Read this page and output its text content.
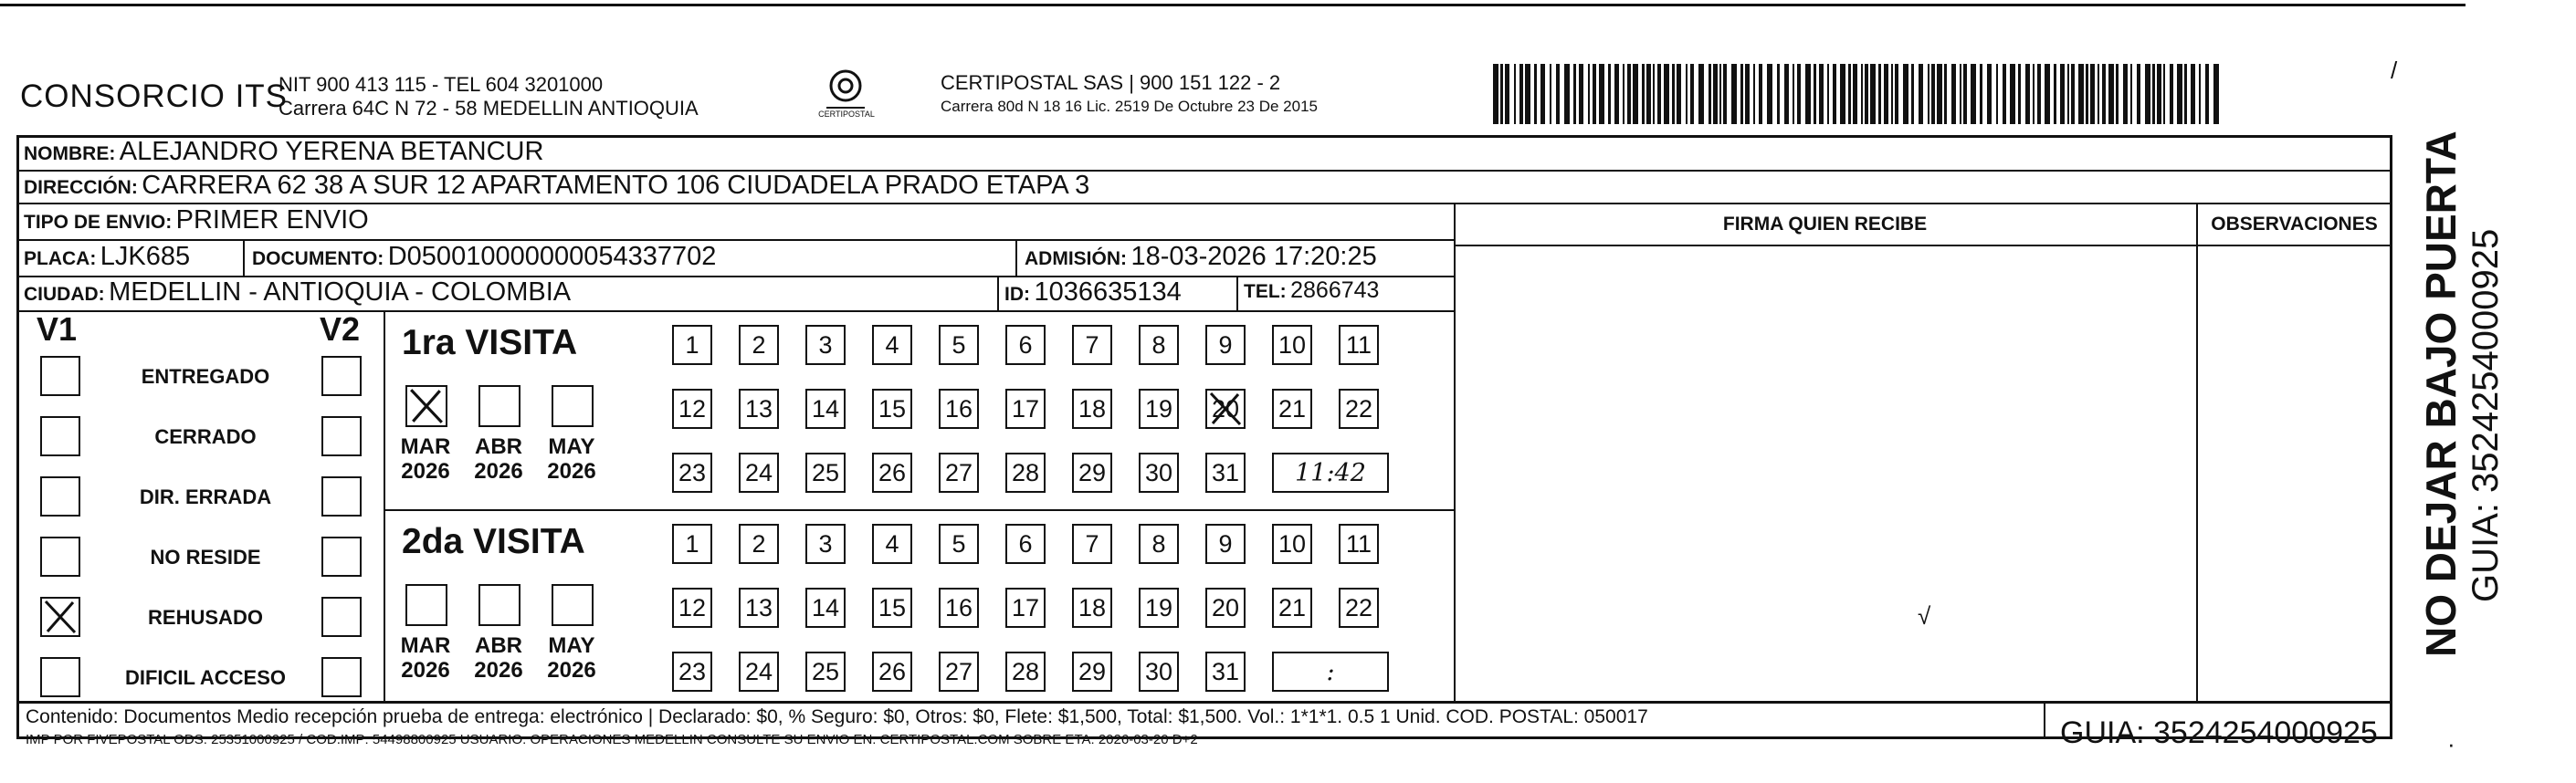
CONSORCIO ITS
NIT 900 413 115 - TEL 604 3201000
Carrera 64C N 72 - 58 MEDELLIN ANTIOQUIA	CERTIPOSTAL
CERTIPOSTAL SAS | 900 151 122 - 2
Carrera 80d N 18 16 Lic. 2519 De Octubre 23 De 2015
/
NOMBRE: ALEJANDRO YERENA BETANCUR
DIRECCIÓN: CARRERA 62 38 A SUR 12 APARTAMENTO 106 CIUDADELA PRADO ETAPA 3
TIPO DE ENVIO: PRIMER ENVIO	FIRMA QUIEN RECIBE	OBSERVACIONES
PLACA: LJK685	DOCUMENTO: D050010000000054337702	ADMISIÓN: 18-03-2026 17:20:25
CIUDAD: MEDELLIN - ANTIOQUIA - COLOMBIA	ID: 1036635134	TEL: 2866743
V1	V2
ENTREGADO
CERRADO
DIR. ERRADA
NO RESIDE
REHUSADO
DIFICIL ACCESO
1ra VISITA
MAR
2026
ABR
2026
MAY
2026
1 2 3 4 5 6 7 8 9 10 11
12 13 14 15 16 17 18 19 20 21 22
23 24 25 26 27 28 29 30 31 11:42
2da VISITA
MAR
2026
ABR
2026
MAY
2026
1 2 3 4 5 6 7 8 9 10 11
12 13 14 15 16 17 18 19 20 21 22
23 24 25 26 27 28 29 30 31	:
Contenido: Documentos Medio recepción prueba de entrega: electrónico | Declarado: $0, % Seguro: $0, Otros: $0, Flete: $1,500, Total: $1,500. Vol.: 1*1*1. 0.5 1 Unid. COD. POSTAL: 050017
IMP POR FIVEPOSTAL ODS: 25351000925 / COD.IMP: 54498800925 USUARIO: OPERACIONES MEDELLIN CONSULTE SU ENVIO EN: CERTIPOSTAL.COM SOBRE ETA: 2026-03-20 D+2	GUIA: 3524254000925
NO DEJAR BAJO PUERTA GUIA: 3524254000925
√
·
